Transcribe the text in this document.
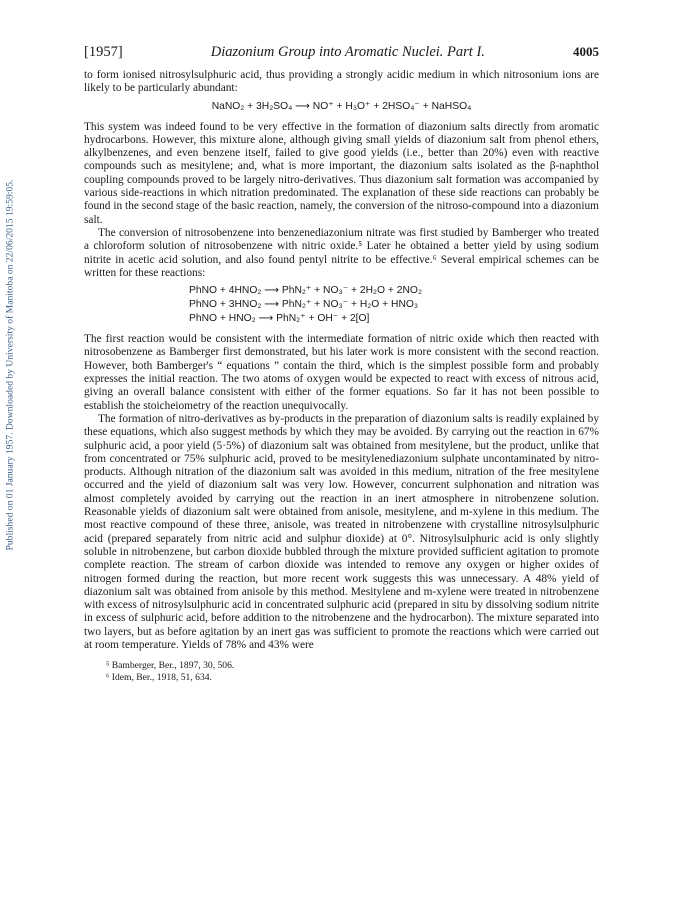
Published on 01 January 1957. Downloaded by University of Manitoba on 22/06/2015 19:59:05.
[1957]	Diazonium Group into Aromatic Nuclei. Part I.	4005

to form ionised nitrosylsulphuric acid, thus providing a strongly acidic medium in which nitrosonium ions are likely to be particularly abundant:

NaNO₂ + 3H₂SO₄ ⟶ NO⁺ + H₃O⁺ + 2HSO₄⁻ + NaHSO₄

This system was indeed found to be very effective in the formation of diazonium salts directly from aromatic hydrocarbons. However, this mixture alone, although giving small yields of diazonium salt from phenol ethers, alkylbenzenes, and even benzene itself, failed to give good yields (i.e., better than 20%) even with reactive compounds such as mesitylene; and, what is more important, the diazonium salts isolated as the β-naphthol coupling compounds proved to be largely nitro-derivatives. Thus diazonium salt formation was accompanied by various side-reactions in which nitration predominated. The explanation of these side reactions can probably be found in the second stage of the basic reaction, namely, the conversion of the nitroso-compound into a diazonium salt.

The conversion of nitrosobenzene into benzenediazonium nitrate was first studied by Bamberger who treated a chloroform solution of nitrosobenzene with nitric oxide.⁵ Later he obtained a better yield by using sodium nitrite in acetic acid solution, and also found pentyl nitrite to be effective.⁶ Several empirical schemes can be written for these reactions:

PhNO + 4HNO₂ ⟶ PhN₂⁺ + NO₃⁻ + 2H₂O + 2NO₂
PhNO + 3HNO₂ ⟶ PhN₂⁺ + NO₃⁻ + H₂O + HNO₃
PhNO + HNO₂ ⟶ PhN₂⁺ + OH⁻ + 2[O]

The first reaction would be consistent with the intermediate formation of nitric oxide which then reacted with nitrosobenzene as Bamberger first demonstrated, but his later work is more consistent with the second reaction. However, both Bamberger's “ equations ” contain the third, which is the simplest possible form and probably expresses the initial reaction. The two atoms of oxygen would be expected to react with excess of nitrous acid, giving an overall balance consistent with either of the former equations. So far it has not been possible to establish the stoicheiometry of the reaction unequivocally.

The formation of nitro-derivatives as by-products in the preparation of diazonium salts is readily explained by these equations, which also suggest methods by which they may be avoided. By carrying out the reaction in 67% sulphuric acid, a poor yield (5·5%) of diazonium salt was obtained from mesitylene, but the product, unlike that from concentrated or 75% sulphuric acid, proved to be mesitylenediazonium sulphate uncontaminated by nitro-products. Although nitration of the diazonium salt was avoided in this medium, nitration of the free mesitylene occurred and the yield of diazonium salt was very low. However, concurrent sulphonation and nitration was almost completely avoided by carrying out the reaction in an inert atmosphere in nitrobenzene solution. Reasonable yields of diazonium salt were obtained from anisole, mesitylene, and m-xylene in this medium. The most reactive compound of these three, anisole, was treated in nitrobenzene with crystalline nitrosylsulphuric acid (prepared separately from nitric acid and sulphur dioxide) at 0°. Nitrosylsulphuric acid is only slightly soluble in nitrobenzene, but carbon dioxide bubbled through the mixture provided sufficient agitation to promote complete reaction. The stream of carbon dioxide was intended to remove any oxygen or higher oxides of nitrogen formed during the reaction, but more recent work suggests this was unnecessary. A 48% yield of diazonium salt was obtained from anisole by this method. Mesitylene and m-xylene were treated in nitrobenzene with excess of nitrosylsulphuric acid in concentrated sulphuric acid (prepared in situ by dissolving sodium nitrite in excess of sulphuric acid, before addition to the nitrobenzene and the hydrocarbon). The mixture separated into two layers, but as before agitation by an inert gas was sufficient to promote the reactions which were carried out at room temperature. Yields of 78% and 43% were

⁵ Bamberger, Ber., 1897, 30, 506.
⁶ Idem, Ber., 1918, 51, 634.
